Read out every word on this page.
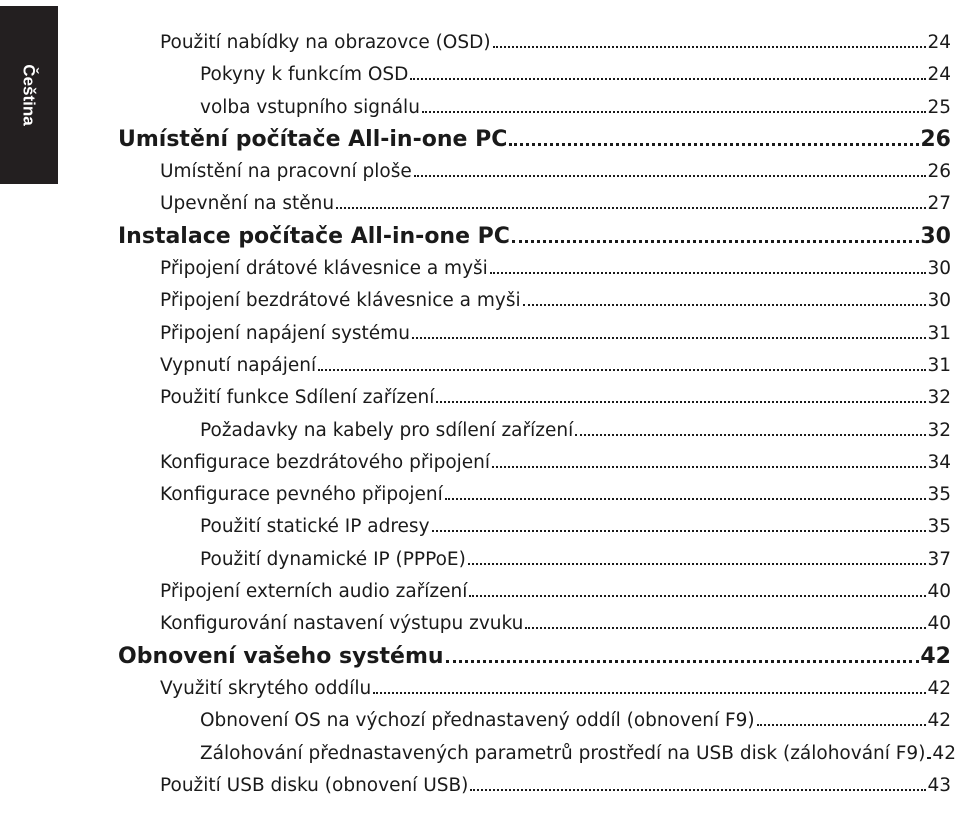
Čeština
Použití nabídky na obrazovce (OSD)	24
Pokyny k funkcím OSD	24
volba vstupního signálu	25
Umístění počítače All-in-one PC	26
Umístění na pracovní ploše	26
Upevnění na stěnu	27
Instalace počítače All-in-one PC	30
Připojení drátové klávesnice a myši	30
Připojení bezdrátové klávesnice a myši	30
Připojení napájení systému	31
Vypnutí napájení	31
Použití funkce Sdílení zařízení	32
Požadavky na kabely pro sdílení zařízení	32
Konfigurace bezdrátového připojení	34
Konfigurace pevného připojení	35
Použití statické IP adresy	35
Použití dynamické IP (PPPoE)	37
Připojení externích audio zařízení	40
Konfigurování nastavení výstupu zvuku	40
Obnovení vašeho systému	42
Využití skrytého oddílu	42
Obnovení OS na výchozí přednastavený oddíl (obnovení F9)	42
Zálohování přednastavených parametrů prostředí na USB disk (zálohování F9) 42
Použití USB disku (obnovení USB)	43
